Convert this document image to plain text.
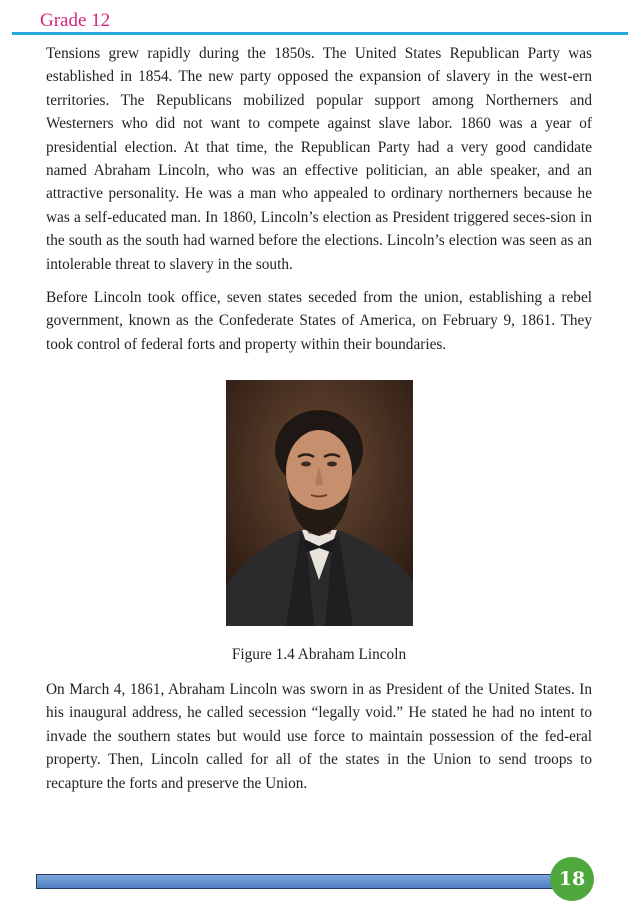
Grade 12

Tensions grew rapidly during the 1850s. The United States Republican Party was established in 1854. The new party opposed the expansion of slavery in the west-ern territories. The Republicans mobilized popular support among Northerners and Westerners who did not want to compete against slave labor. 1860 was a year of presidential election. At that time, the Republican Party had a very good candidate named Abraham Lincoln, who was an effective politician, an able speaker, and an attractive personality. He was a man who appealed to ordinary northerners because he was a self-educated man. In 1860, Lincoln’s election as President triggered seces-sion in the south as the south had warned before the elections. Lincoln’s election was seen as an intolerable threat to slavery in the south.

Before Lincoln took office, seven states seceded from the union, establishing a rebel government, known as the Confederate States of America, on February 9, 1861. They took control of federal forts and property within their boundaries.

Figure 1.4 Abraham Lincoln

On March 4, 1861, Abraham Lincoln was sworn in as President of the United States. In his inaugural address, he called secession “legally void.” He stated he had no intent to invade the southern states but would use force to maintain possession of the fed-eral property. Then, Lincoln called for all of the states in the Union to send troops to recapture the forts and preserve the Union.

18
